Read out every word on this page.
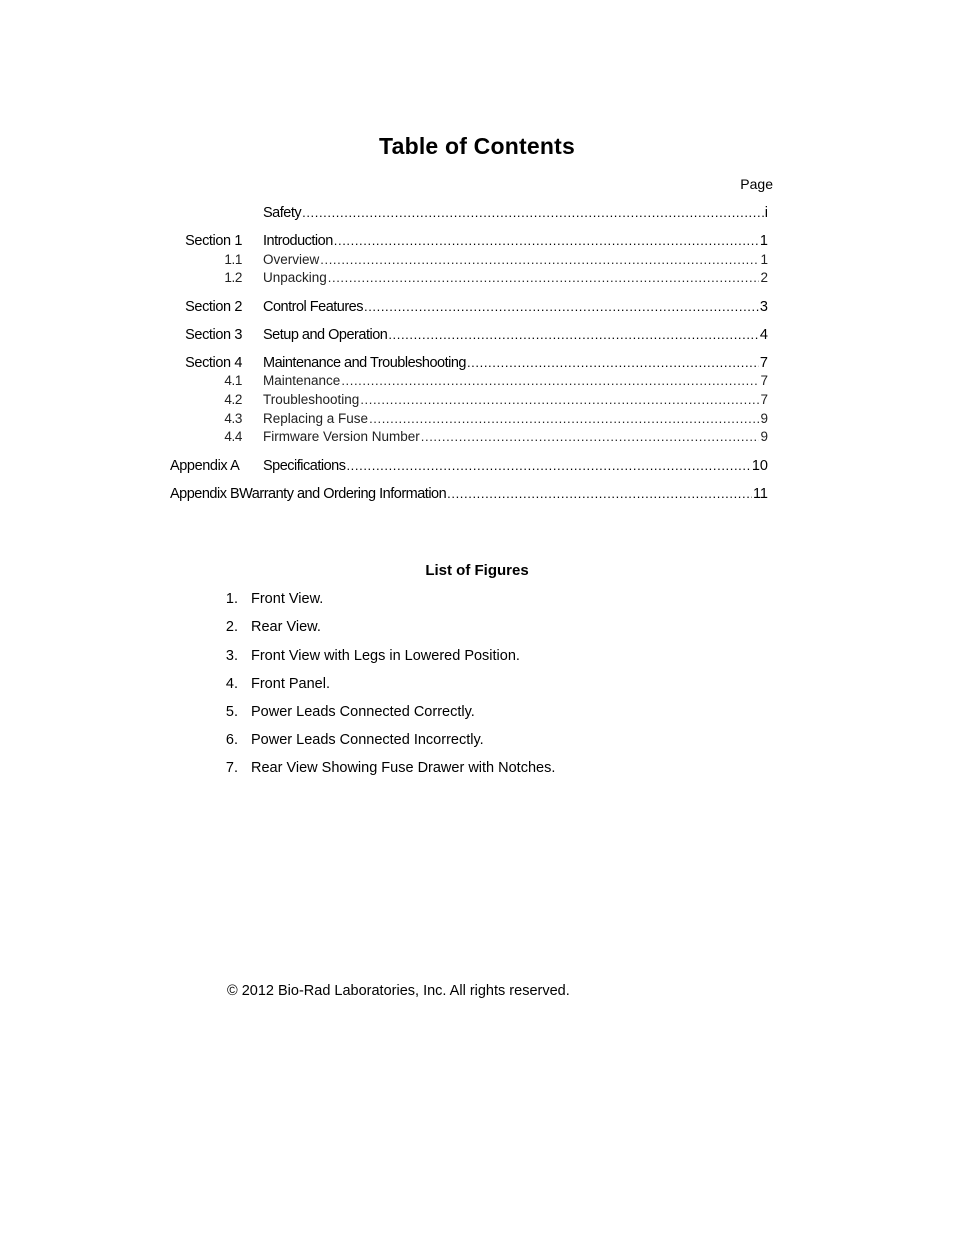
Table of Contents
Page
Safety .....	i
Section 1 Introduction .....	1
1.1 Overview .....	1
1.2 Unpacking .....	2
Section 2 Control Features .....	3
Section 3 Setup and Operation .....	4
Section 4 Maintenance and Troubleshooting .....	7
4.1 Maintenance .....	7
4.2 Troubleshooting .....	7
4.3 Replacing a Fuse .....	9
4.4 Firmware Version Number .....	9
Appendix A Specifications .....	10
Appendix BWarranty and Ordering Information .....	11
List of Figures
1. Front View.
2. Rear View.
3. Front View with Legs in Lowered Position.
4. Front Panel.
5. Power Leads Connected Correctly.
6. Power Leads Connected Incorrectly.
7. Rear View Showing Fuse Drawer with Notches.
© 2012 Bio-Rad Laboratories, Inc. All rights reserved.
